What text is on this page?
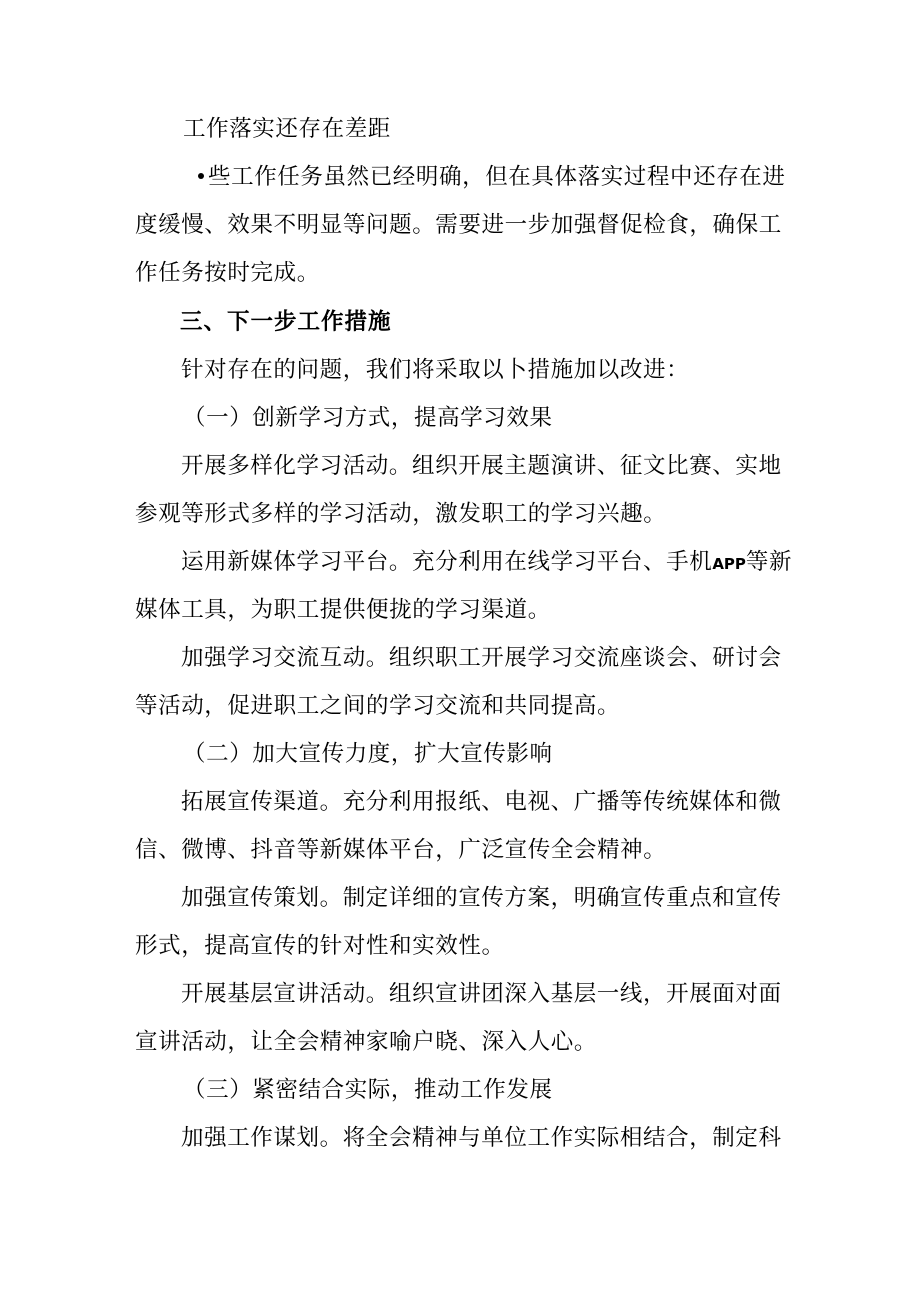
工作落实还存在差距
些工作任务虽然已经明确，但在具体落实过程中还存在进
度缓慢、效果不明显等问题。需要进一步加强督促检食，确保工
作任务按时完成。
三、下一步工作措施
针对存在的问题，我们将采取以卜措施加以改进：
（一）创新学习方式，提高学习效果
开展多样化学习活动。组织开展主题演讲、征文比赛、实地
参观等形式多样的学习活动，激发职工的学习兴趣。
运用新媒体学习平台。充分利用在线学习平台、手机APP等新
媒体工具，为职工提供便拢的学习渠道。
加强学习交流互动。组织职工开展学习交流座谈会、研讨会
等活动，促进职工之间的学习交流和共同提高。
（二）加大宣传力度，扩大宣传影响
拓展宣传渠道。充分利用报纸、电视、广播等传统媒体和微
信、微博、抖音等新媒体平台，广泛宣传全会精神。
加强宣传策划。制定详细的宣传方案，明确宣传重点和宣传
形式，提高宣传的针对性和实效性。
开展基层宣讲活动。组织宣讲团深入基层一线，开展面对面
宣讲活动，让全会精神家喻户晓、深入人心。
（三）紧密结合实际，推动工作发展
加强工作谋划。将全会精神与单位工作实际相结合，制定科
